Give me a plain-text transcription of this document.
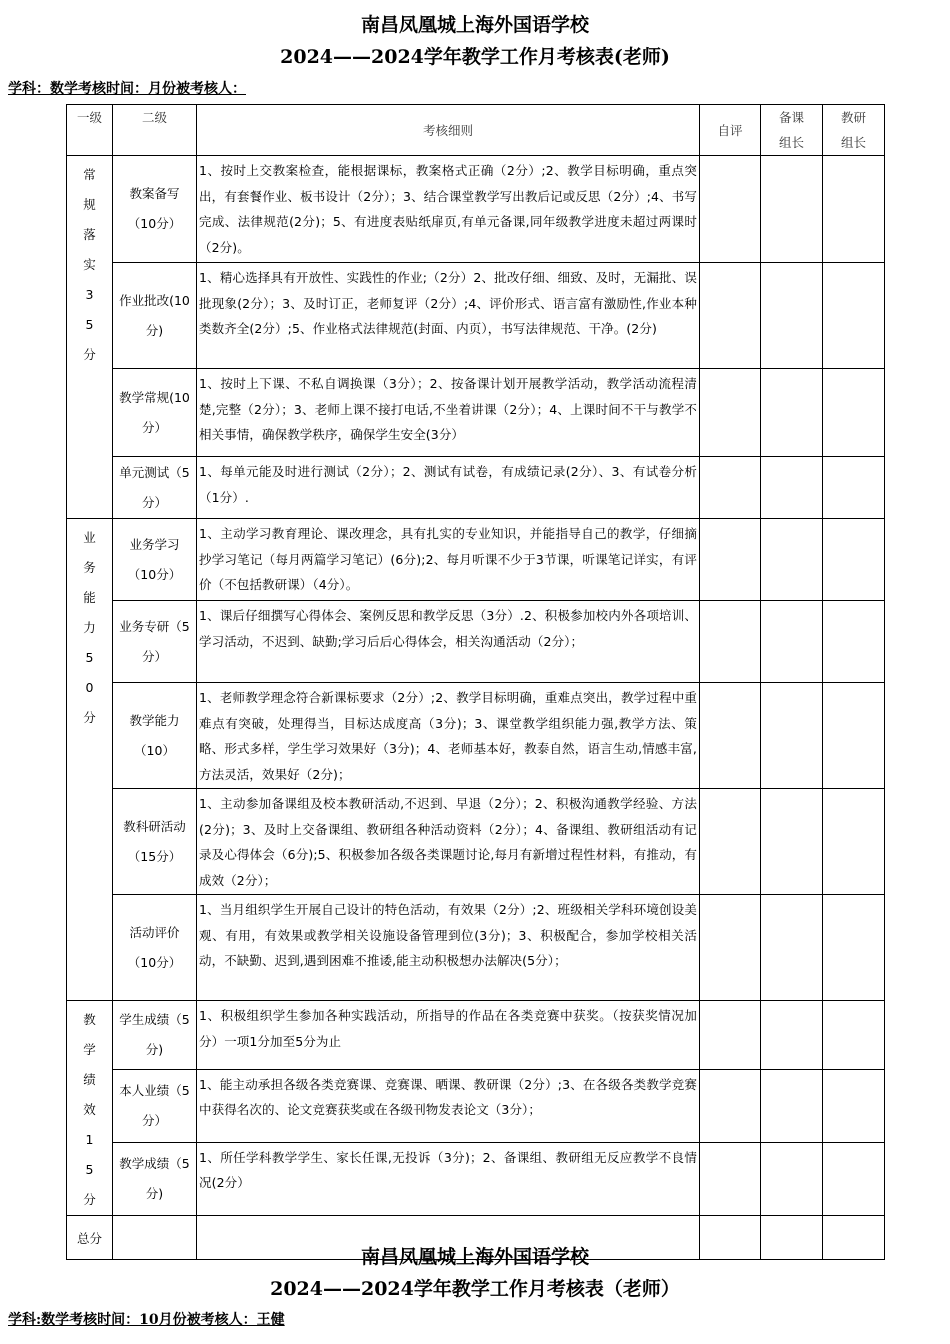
南昌凤凰城上海外国语学校
2024——2024学年教学工作月考核表(老师)
学科：数学考核时间：月份被考核人：
一级	二级	考核细则	自评	备课组长	教研组长
常规落实35分	教案备写（10分）	1、按时上交教案检查，能根据课标，教案格式正确（2分）;2、教学目标明确，重点突出，有套餐作业、板书设计（2分）；3、结合课堂教学写出教后记或反思（2分）;4、书写完成、法律规范(2分)；5、有进度表贴纸扉页,有单元备课,同年级教学进度未超过两课时（2分)。			
	作业批改(10分)	1、精心选择具有开放性、实践性的作业;（2分）2、批改仔细、细致、及时，无漏批、误批现象(2分）；3、及时订正，老师复评（2分）;4、评价形式、语言富有激励性,作业本种类数齐全(2分）;5、作业格式法律规范(封面、内页），书写法律规范、干净。(2分)			
	教学常规(10分）	1、按时上下课、不私自调换课（3分）；2、按备课计划开展教学活动，教学活动流程清楚,完整（2分）；3、老师上课不接打电话,不坐着讲课（2分）；4、上课时间不干与教学不相关事情，确保教学秩序，确保学生安全(3分）			
	单元测试（5分）	1、每单元能及时进行测试（2分）；2、测试有试卷，有成绩记录(2分）、3、有试卷分析（1分）.			
业务能力50分	业务学习（10分）	1、主动学习教育理论、课改理念，具有扎实的专业知识，并能指导自己的教学，仔细摘抄学习笔记（每月两篇学习笔记）(6分);2、每月听课不少于3节课，听课笔记详实，有评价（不包括教研课）（4分）。			
	业务专研（5分）	1、课后仔细撰写心得体会、案例反思和教学反思（3分）.2、积极参加校内外各项培训、学习活动，不迟到、缺勤;学习后后心得体会，相关沟通活动（2分）；			
	教学能力（10）	1、老师教学理念符合新课标要求（2分）;2、教学目标明确，重难点突出，教学过程中重难点有突破，处理得当，目标达成度高（3分)；3、课堂教学组织能力强,教学方法、策略、形式多样，学生学习效果好（3分)；4、老师基本好，教泰自然，语言生动,情感丰富,方法灵活，效果好（2分)；			
	教科研活动（15分）	1、主动参加备课组及校本教研活动,不迟到、早退（2分）；2、积极沟通教学经验、方法(2分)；3、及时上交备课组、教研组各种活动资料（2分）；4、备课组、教研组活动有记录及心得体会（6分);5、积极参加各级各类课题讨论,每月有新增过程性材料，有推动，有成效（2分）；			
	活动评价（10分）	1、当月组织学生开展自己设计的特色活动，有效果（2分）;2、班级相关学科环境创设美观、有用，有效果或教学相关设施设备管理到位(3分)；3、积极配合，参加学校相关活动，不缺勤、迟到,遇到困难不推诿,能主动积极想办法解决(5分）；			
教学绩效15分	学生成绩（5分)	1、积极组织学生参加各种实践活动，所指导的作品在各类竞赛中获奖。（按获奖情况加分）一项1分加至5分为止			
	本人业绩（5分）	1、能主动承担各级各类竞赛课、竞赛课、晒课、教研课（2分）;3、在各级各类教学竞赛中获得名次的、论文竞赛获奖或在各级刊物发表论文（3分）；			
	教学成绩（5分)	1、所任学科教学学生、家长任课,无投诉（3分)；2、备课组、教研组无反应教学不良情况(2分）			
总分					
南昌凤凰城上海外国语学校
2024——2024学年教学工作月考核表（老师）
学科:数学考核时间：10月份被考核人：王健
